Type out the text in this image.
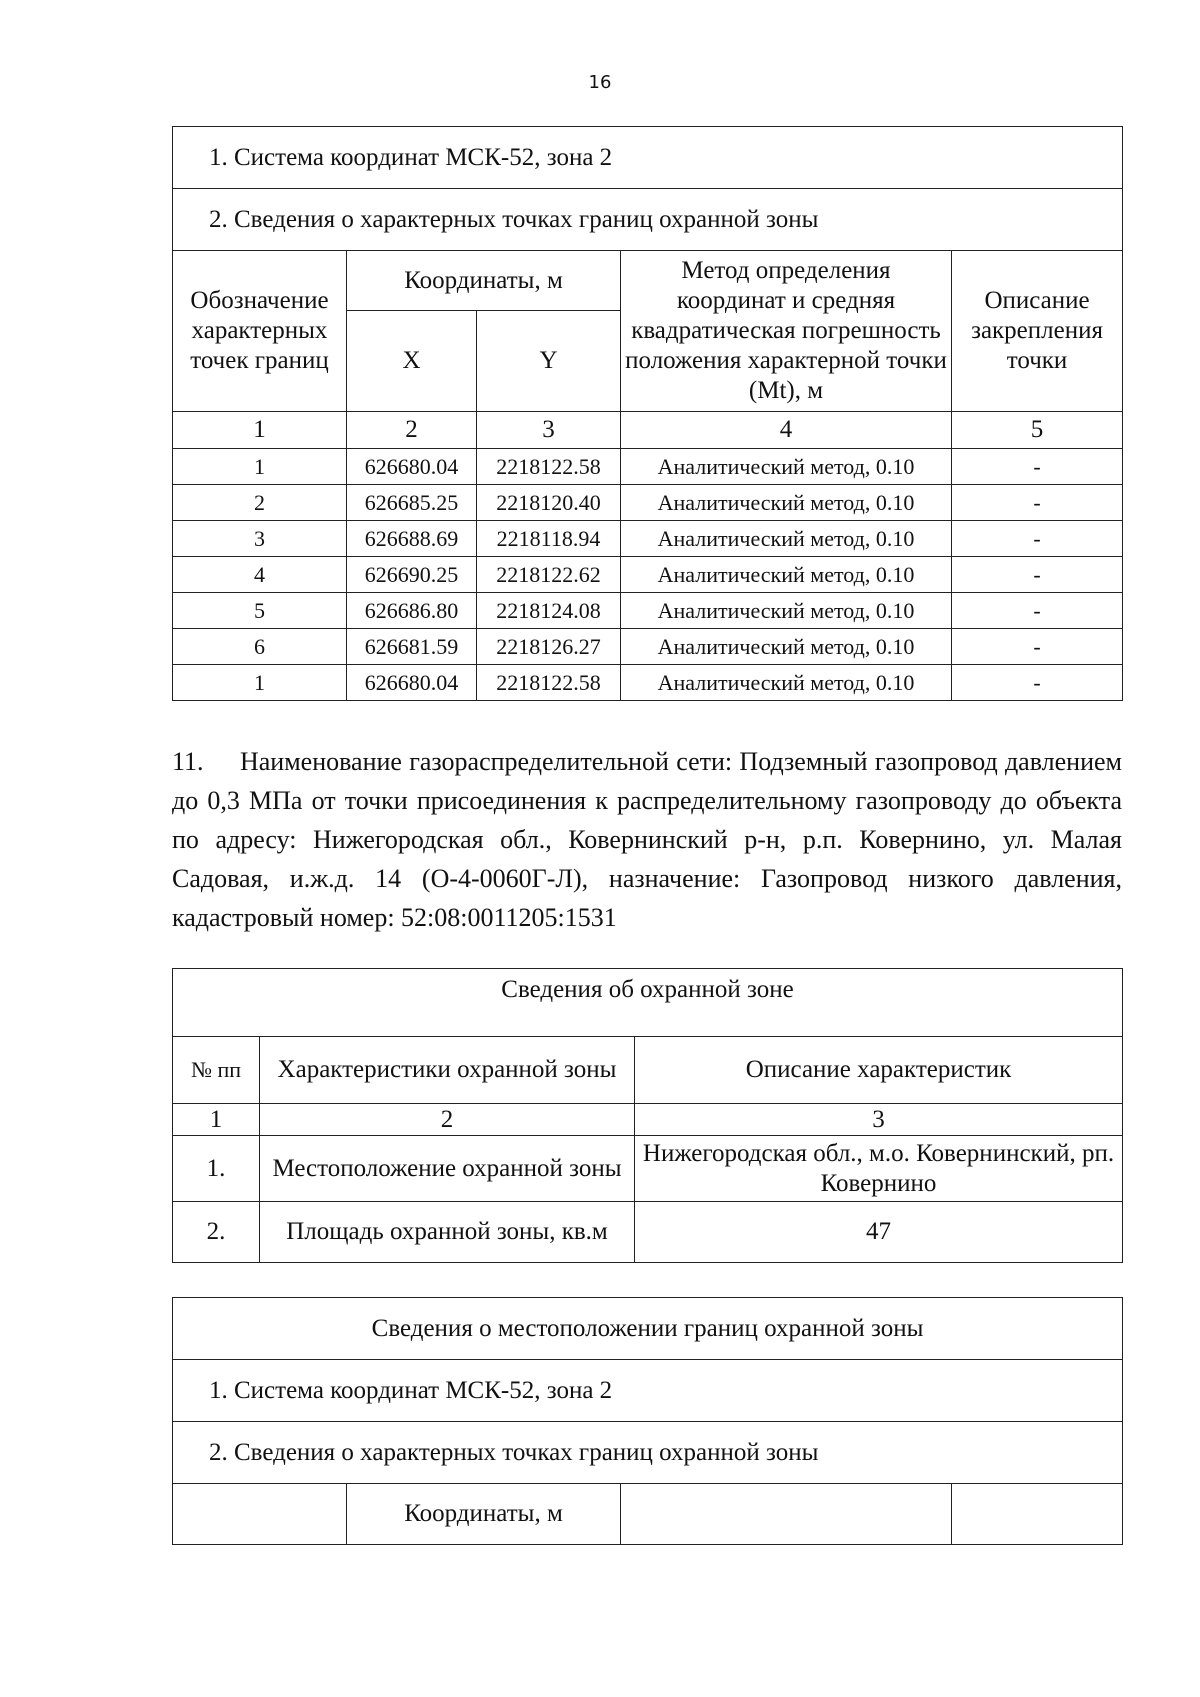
16
1. Система координат МСК-52, зона 2				
2. Сведения о характерных точках границ охранной зоны				
Обозначение характерных точек границ	Координаты, м		Метод определения координат и средняя квадратическая погрешность положения характерной точки (Mt), м	Описание закрепления точки
	X	Y		
1	2	3	4	5
1	626680.04	2218122.58	Аналитический метод, 0.10	-
2	626685.25	2218120.40	Аналитический метод, 0.10	-
3	626688.69	2218118.94	Аналитический метод, 0.10	-
4	626690.25	2218122.62	Аналитический метод, 0.10	-
5	626686.80	2218124.08	Аналитический метод, 0.10	-
6	626681.59	2218126.27	Аналитический метод, 0.10	-
1	626680.04	2218122.58	Аналитический метод, 0.10	-
11.     Наименование газораспределительной сети: Подземный газопровод давлением до 0,3 МПа от точки присоединения к распределительному газопроводу до объекта по адресу: Нижегородская обл., Ковернинский р-н, р.п. Ковернино, ул. Малая Садовая, и.ж.д. 14 (О-4-0060Г-Л), назначение: Газопровод низкого давления, кадастровый номер: 52:08:0011205:1531
Сведения об охранной зоне		
№ пп	Характеристики охранной зоны	Описание характеристик
1	2	3
1.	Местоположение охранной зоны	Нижегородская обл., м.о. Ковернинский, рп. Ковернино
2.	Площадь охранной зоны, кв.м	47
Сведения о местоположении границ охранной зоны
1. Система координат МСК-52, зона 2
2. Сведения о характерных точках границ охранной зоны
	Координаты, м		
